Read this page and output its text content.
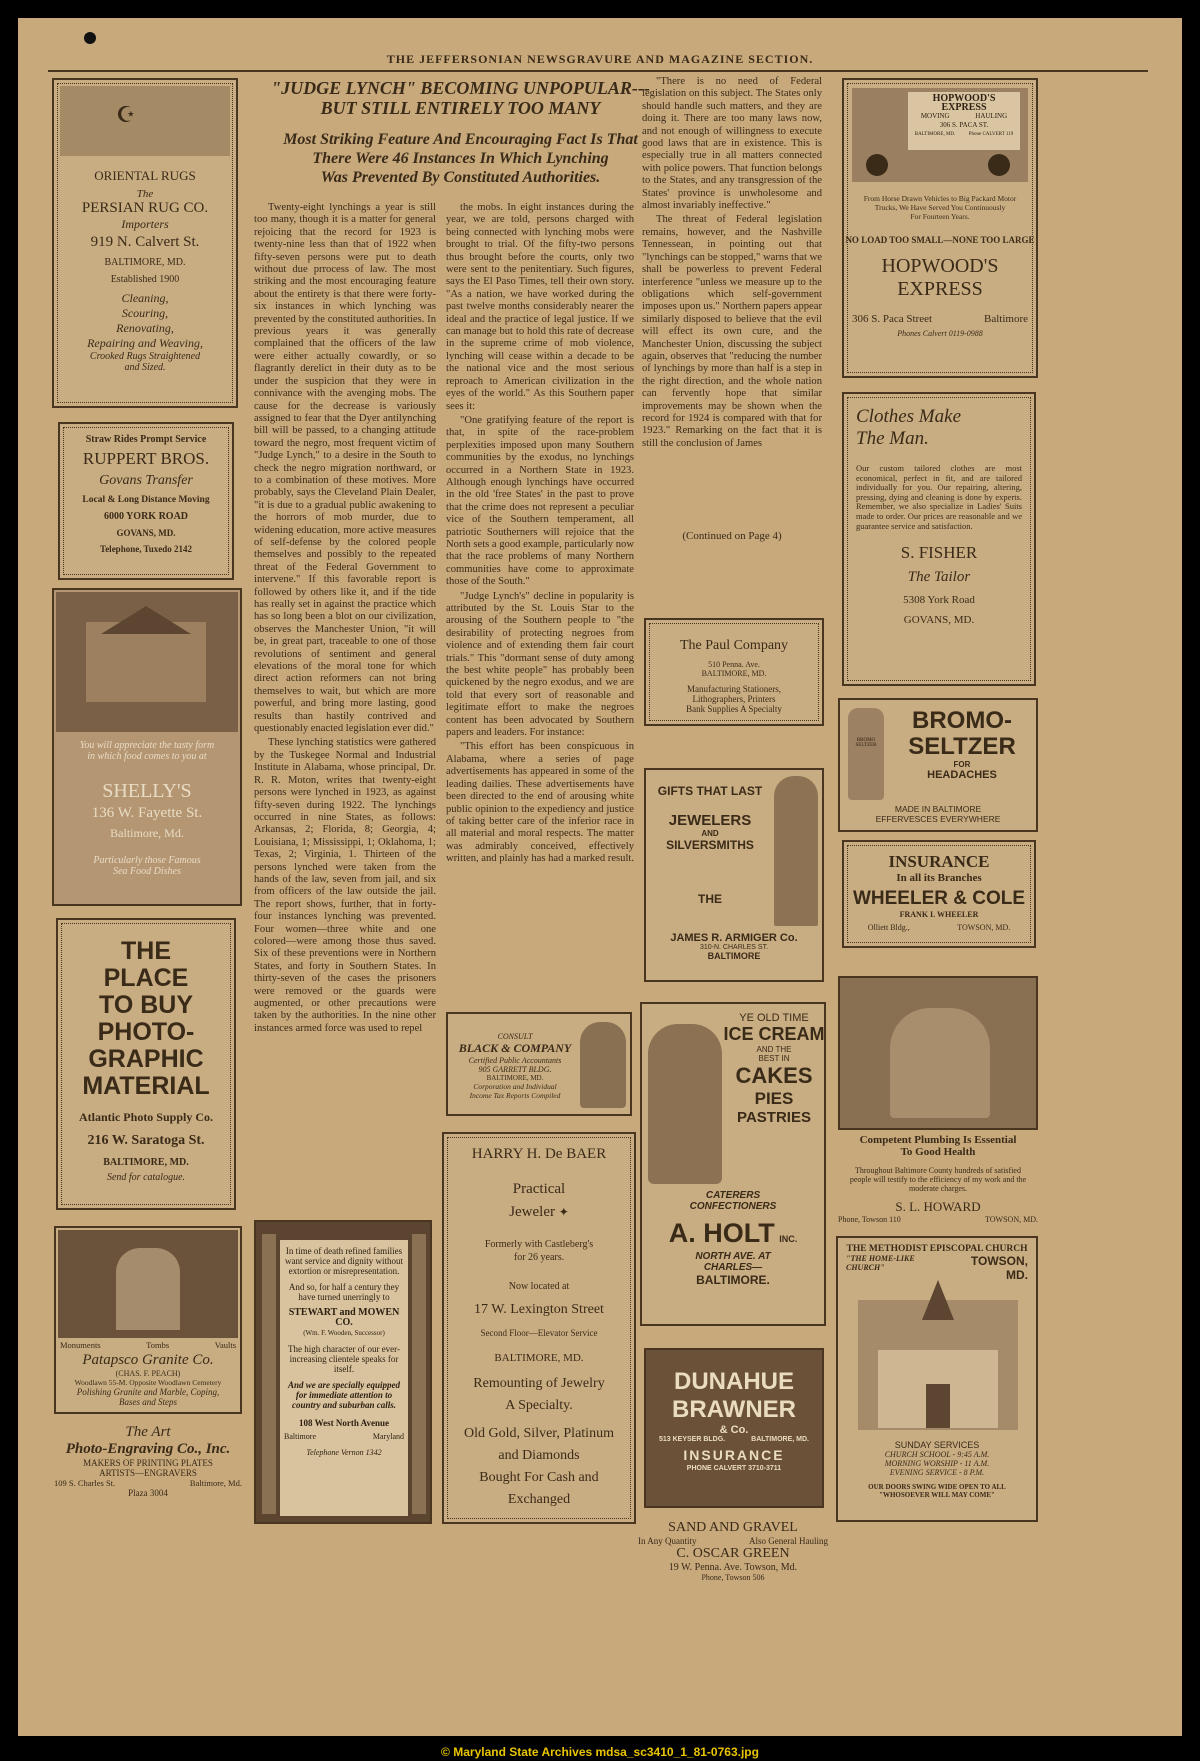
THE JEFFERSONIAN NEWSGRAVURE AND MAGAZINE SECTION.
"JUDGE LYNCH" BECOMING UNPOPULAR---
BUT STILL ENTIRELY TOO MANY
Most Striking Feature And Encouraging Fact Is That
There Were 46 Instances In Which Lynching
Was Prevented By Constituted Authorities.

Twenty-eight lynchings a year is still too many, though it is a matter for general rejoicing that the record for 1923 is twenty-nine less than that of 1922 when fifty-seven persons were put to death without due prrocess of law. The most striking and the most encouraging feature about the entirety is that there were forty-six instances in which lynching was prevented by the constituted authorities. In previous years it was generally complained that the officers of the law were either actually cowardly, or so flagrantly derelict in their duty as to be under the suspicion that they were in connivance with the avenging mobs. The cause for the decrease is variously assigned to fear that the Dyer antilynching bill will be passed, to a changing attitude toward the negro, most frequent victim of "Judge Lynch," to a desire in the South to check the negro migration northward, or to a combination of these motives. More probably, says the Cleveland Plain Dealer, "it is due to a gradual public awakening to the horrors of mob murder, due to widening education, more active measures of self-defense by the colored people themselves and possibly to the repeated threat of the Federal Government to intervene." If this favorable report is followed by others like it, and if the tide has really set in against the practice which has so long been a blot on our civilization, observes the Manchester Union, "it will be, in great part, traceable to one of those revolutions of sentiment and general elevations of the moral tone for which direct action reformers can not bring themselves to wait, but which are more powerful, and bring more lasting, good results than hastily contrived and questionably enacted legislation ever did."

These lynching statistics were gathered by the Tuskegee Normal and Industrial Institute in Alabama, whose principal, Dr. R. R. Moton, writes that twenty-eight persons were lynched in 1923, as against fifty-seven during 1922. The lynchings occurred in nine States, as follows: Arkansas, 2; Florida, 8; Georgia, 4; Louisiana, 1; Mississippi, 1; Oklahoma, 1; Texas, 2; Virginia, 1. Thirteen of the persons lynched were taken from the hands of the law, seven from jail, and six from officers of the law outside the jail. The report shows, further, that in forty-four instances lynching was prevented. Four women—three white and one colored—were among those thus saved. Six of these preventions were in Northern States, and forty in Southern States. In thirty-seven of the cases the prisoners were removed or the guards were augmented, or other precautions were taken by the authorities. In the nine other instances armed force was used to repel

the mobs. In eight instances during the year, we are told, persons charged with being connected with lynching mobs were brought to trial. Of the fifty-two persons thus brought before the courts, only two were sent to the penitentiary. Such figures, says the El Paso Times, tell their own story. "As a nation, we have worked during the past twelve months considerably nearer the ideal and the practice of legal justice. If we can manage but to hold this rate of decrease in the supreme crime of mob violence, lynching will cease within a decade to be the national vice and the most serious reproach to American civilization in the eyes of the world." As this Southern paper sees it:

"One gratifying feature of the report is that, in spite of the race-problem perplexities imposed upon many Southern communities by the exodus, no lynchings occurred in a Northern State in 1923. Although enough lynchings have occurred in the old 'free States' in the past to prove that the crime does not represent a peculiar vice of the Southern temperament, all patriotic Southerners will rejoice that the North sets a good example, particularly now that the race problems of many Northern communities have come to approximate those of the South."

"Judge Lynch's" decline in popularity is attributed by the St. Louis Star to the arousing of the Southern people to "the desirability of protecting negroes from violence and of extending them fair court trials." This "dormant sense of duty among the best white people" has probably been quickened by the negro exodus, and we are told that every sort of reasonable and legitimate effort to make the negroes content has been advocated by Southern papers and leaders. For instance:

"This effort has been conspicuous in Alabama, where a series of page advertisements has appeared in some of the leading dailies. These advertisements have been directed to the end of arousing white public opinion to the expediency and justice of taking better care of the inferior race in all material and moral respects. The matter was admirably conceived, effectively written, and plainly has had a marked result.

"There is no need of Federal legislation on this subject. The States only should handle such matters, and they are doing it. There are too many laws now, and not enough of willingness to execute good laws that are in existence. This is especially true in all matters connected with police powers. That function belongs to the States, and any transgression of the States' province is unwholesome and almost invariably ineffective."

The threat of Federal legislation remains, however, and the Nashville Tennessean, in pointing out that "lynchings can be stopped," warns that we shall be powerless to prevent Federal interference "unless we measure up to the obligations which self-government imposes upon us." Northern papers appear similarly disposed to believe that the evil will effect its own cure, and the Manchester Union, discussing the subject again, observes that "reducing the number of lynchings by more than half is a step in the right direction, and the whole nation can fervently hope that similar improvements may be shown when the record for 1924 is compared with that for 1923." Remarking on the fact that it is still the conclusion of James

(Continued on Page 4)
☪
ORIENTAL RUGS
The
PERSIAN RUG CO.
Importers
919 N. Calvert St.
BALTIMORE, MD.
Established 1900
Cleaning,
Scouring,
Renovating,
Repairing and Weaving,
Crooked Rugs Straightened
and Sized.
Straw Rides Prompt Service
RUPPERT BROS.
Govans Transfer
Local & Long Distance Moving
6000 YORK ROAD
GOVANS, MD.
Telephone, Tuxedo 2142
You will appreciate the tasty form
in which food comes to you at
SHELLY'S
136 W. Fayette St.
Baltimore, Md.
Particularly those Famous
Sea Food Dishes
THE
PLACE
TO BUY
PHOTO-
GRAPHIC
MATERIAL
Atlantic Photo Supply Co.
216 W. Saratoga St.
BALTIMORE, MD.
Send for catalogue.
Monuments	Tombs	Vaults
Patapsco Granite Co.
(CHAS. F. PEACH)
Woodlawn 55-M. Opposite Woodlawn Cemetery
Polishing Granite and Marble, Coping,
Bases and Steps
The Art
Photo-Engraving Co., Inc.
MAKERS OF PRINTING PLATES
ARTISTS—ENGRAVERS
109 S. Charles St.	Baltimore, Md.
Plaza 3004
In time of death refined families want service and dignity without extortion or misrepresentation.
And so, for half a century they have turned unerringly to
STEWART and MOWEN CO.
(Wm. F. Wooden, Successor)
The high character of our ever-increasing clientele speaks for itself.
And we are specially equipped for immediate attention to country and suburban calls.
108 West North Avenue
Baltimore	Maryland
Telephone Vernon 1342
CONSULT
BLACK & COMPANY
Certified Public Accountants
905 GARRETT BLDG.
BALTIMORE, MD.
Corporation and Individual
Income Tax Reports Compiled
HARRY H. De BAER
Practical
Jeweler ✦
Formerly with Castleberg's
for 26 years.
Now located at
17 W. Lexington Street
Second Floor—Elevator Service
BALTIMORE, MD.
Remounting of Jewelry
A Specialty.
Old Gold, Silver, Platinum
and Diamonds
Bought For Cash and
Exchanged
The Paul Company
510 Penna. Ave.
BALTIMORE, MD.
Manufacturing Stationers,
Lithographers, Printers
Bank Supplies A Specialty
GIFTS THAT LAST
JEWELERS
AND
SILVERSMITHS
THE
JAMES R. ARMIGER Co.
310-N. CHARLES ST.
BALTIMORE
YE OLD TIME
ICE CREAM
AND THE
BEST IN
CAKES
PIES
PASTRIES
CATERERS
CONFECTIONERS
A. HOLT INC.
NORTH AVE. AT
CHARLES—
BALTIMORE.
DUNAHUE
BRAWNER
& Co.
513 KEYSER BLDG.	BALTIMORE, MD.
INSURANCE
PHONE CALVERT 3710-3711
SAND AND GRAVEL
In Any Quantity	Also General Hauling
C. OSCAR GREEN
19 W. Penna. Ave. Towson, Md.
Phone, Towson 506
HOPWOOD'S
EXPRESS
MOVING	HAULING
306 S. PACA ST.
BALTIMORE, MD.	Phone CALVERT 119
From Horse Drawn Vehicles to Big Packard Motor
Trucks, We Have Served You Continuously
For Fourteen Years.
NO LOAD TOO SMALL—NONE TOO LARGE
HOPWOOD'S
EXPRESS
306 S. Paca Street	Baltimore
Phones Calvert 0119-0988
Clothes Make
The Man.
Our custom tailored clothes are most economical, perfect in fit, and are tailored individually for you. Our repairing, altering, pressing, dying and cleaning is done by experts. Remember, we also specialize in Ladies' Suits made to order. Our prices are reasonable and we guarantee service and satisfaction.
S. FISHER
The Tailor
5308 York Road
GOVANS, MD.
BROMO SELTZER
BROMO-
SELTZER
FOR
HEADACHES
MADE IN BALTIMORE
EFFERVESCES EVERYWHERE
INSURANCE
In all its Branches
WHEELER & COLE
FRANK I. WHEELER
Olliett Bldg.,	TOWSON, MD.
Competent Plumbing Is Essential
To Good Health
Throughout Baltimore County hundreds of satisfied people will testify to the efficiency of my work and the moderate charges.
S. L. HOWARD
Phone, Towson 110	TOWSON, MD.
THE METHODIST EPISCOPAL CHURCH
"THE HOME-LIKE
CHURCH"	TOWSON,
MD.
SUNDAY SERVICES
CHURCH SCHOOL - 9:45 A.M.
MORNING WORSHIP - 11 A.M.
EVENING SERVICE - 8 P.M.
OUR DOORS SWING WIDE OPEN TO ALL
"WHOSOEVER WILL MAY COME"
© Maryland State Archives mdsa_sc3410_1_81-0763.jpg
